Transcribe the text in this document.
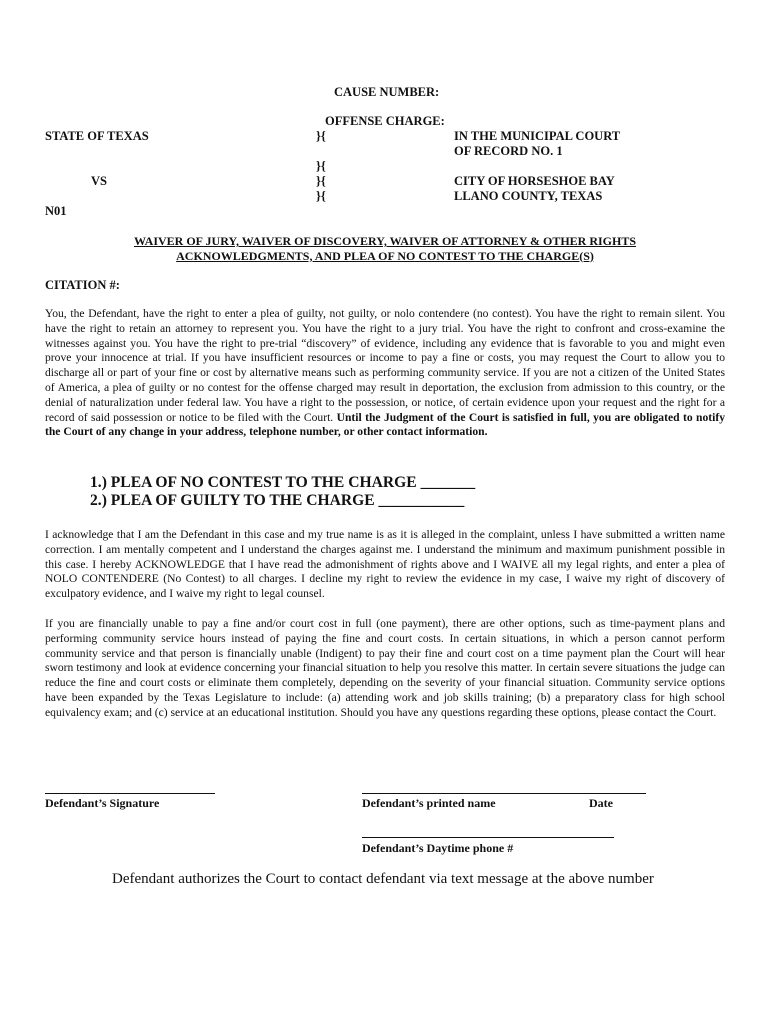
CAUSE NUMBER:
OFFENSE CHARGE:
STATE OF TEXAS
VS
N01
}{
}{
}{
}{
IN THE MUNICIPAL COURT
OF RECORD NO. 1
CITY OF HORSESHOE BAY
LLANO COUNTY, TEXAS
WAIVER OF JURY, WAIVER OF DISCOVERY, WAIVER OF ATTORNEY & OTHER RIGHTS
ACKNOWLEDGMENTS, AND PLEA OF NO CONTEST TO THE CHARGE(S)
CITATION #:
You, the Defendant, have the right to enter a plea of guilty, not guilty, or nolo contendere (no contest). You have the right to remain silent. You have the right to retain an attorney to represent you. You have the right to a jury trial. You have the right to confront and cross-examine the witnesses against you. You have the right to pre-trial “discovery” of evidence, including any evidence that is favorable to you and might even prove your innocence at trial. If you have insufficient resources or income to pay a fine or costs, you may request the Court to allow you to discharge all or part of your fine or cost by alternative means such as performing community service. If you are not a citizen of the United States of America, a plea of guilty or no contest for the offense charged may result in deportation, the exclusion from admission to this country, or the denial of naturalization under federal law. You have a right to the possession, or notice, of certain evidence upon your request and the right for a record of said possession or notice to be filed with the Court. Until the Judgment of the Court is satisfied in full, you are obligated to notify the Court of any change in your address, telephone number, or other contact information.
1.) PLEA OF NO CONTEST TO THE CHARGE _______
2.) PLEA OF GUILTY TO THE CHARGE ___________
I acknowledge that I am the Defendant in this case and my true name is as it is alleged in the complaint, unless I have submitted a written name correction. I am mentally competent and I understand the charges against me. I understand the minimum and maximum punishment possible in this case. I hereby ACKNOWLEDGE that I have read the admonishment of rights above and I WAIVE all my legal rights, and enter a plea of NOLO CONTENDERE (No Contest) to all charges. I decline my right to review the evidence in my case, I waive my right of discovery of exculpatory evidence, and I waive my right to legal counsel.
If you are financially unable to pay a fine and/or court cost in full (one payment), there are other options, such as time-payment plans and performing community service hours instead of paying the fine and court costs. In certain situations, in which a person cannot perform community service and that person is financially unable (Indigent) to pay their fine and court cost on a time payment plan the Court will hear sworn testimony and look at evidence concerning your financial situation to help you resolve this matter. In certain severe situations the judge can reduce the fine and court costs or eliminate them completely, depending on the severity of your financial situation. Community service options have been expanded by the Texas Legislature to include: (a) attending work and job skills training; (b) a preparatory class for high school equivalency exam; and (c) service at an educational institution. Should you have any questions regarding these options, please contact the Court.
Defendant’s Signature	Defendant’s printed name	Date
Defendant’s Daytime phone #
Defendant authorizes the Court to contact defendant via text message at the above number
